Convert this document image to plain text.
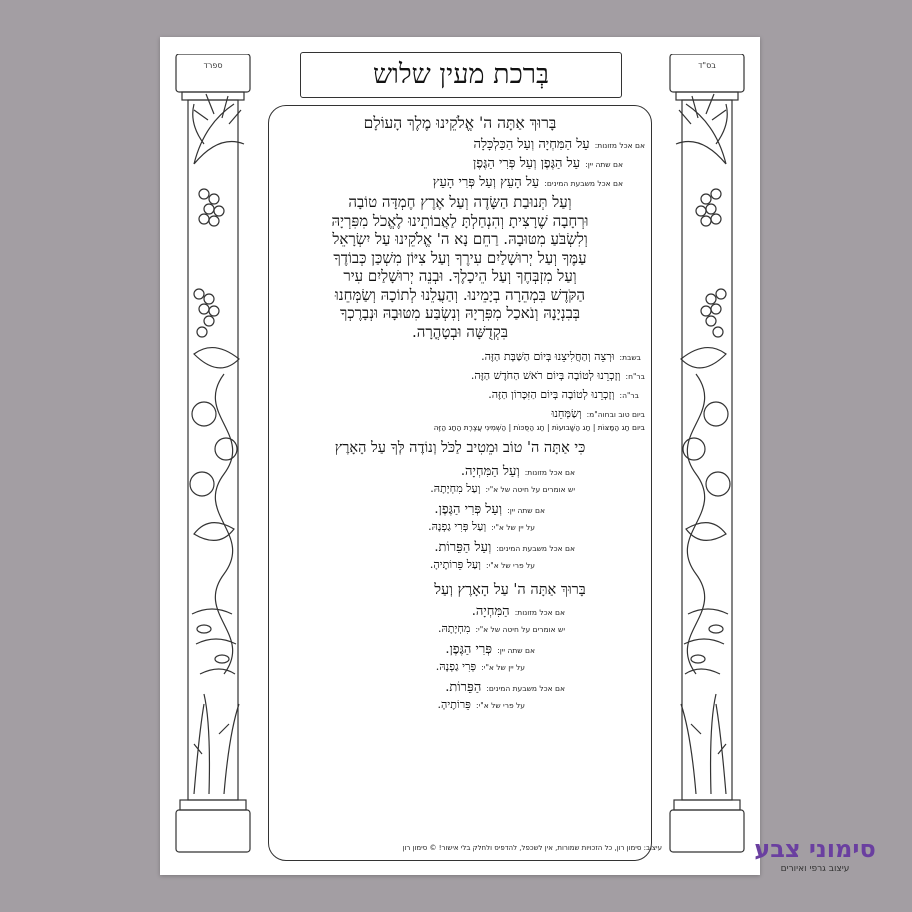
ספרד	בס"ד
בְּרכת מעין שלוש
בָּרוּךְ אַתָּה ה' אֱלֹקֵינוּ מֶלֶךְ הָעוֹלָם
אם אכל מזונות: עַל הַמִּחְיָה וְעַל הַכַּלְכָּלָה
אם שתה יין: עַל הַגֶּפֶן וְעַל פְּרִי הַגֶּפֶן
אם אכל משבעת המינים: עַל הָעֵץ וְעַל פְּרִי הָעֵץ
וְעַל תְּנוּבַת הַשָּׂדֶה וְעַל אֶרֶץ חֶמְדָּה טוֹבָה
וּרְחָבָה שֶׁרָצִיתָ וְהִנְחַלְתָּ לַאֲבוֹתֵינוּ לֶאֱכֹל מִפִּרְיָהּ
וְלִשְׂבֹּעַ מִטּוּבָהּ. רַחֵם נָא ה' אֱלֹקֵינוּ עַל יִשְׂרָאֵל
עַמֶּךָ וְעַל יְרוּשָׁלַיִם עִירֶךָ וְעַל צִיּוֹן מִשְׁכַּן כְּבוֹדֶךָ
וְעַל מִזְבְּחֶךָ וְעַל הֵיכָלֶךָ. וּבְנֵה יְרוּשָׁלַיִם עִיר
הַקֹּדֶשׁ בִּמְהֵרָה בְיָמֵינוּ. וְהַעֲלֵנוּ לְתוֹכָהּ וְשַׂמְּחֵנוּ
בְּבִנְיָנָהּ וְנֹאכַל מִפִּרְיָהּ וְנִשְׂבַּע מִטּוּבָהּ וּנְבָרֶכְךָ
בִּקְדֻשָּׁה וּבְטָהֳרָה.
בשבת: וּרְצֵה וְהַחֲלִיצֵנוּ בְּיוֹם הַשַּׁבָּת הַזֶּה.
בר"ח: וְזָכְרֵנוּ לְטוֹבָה בְּיוֹם רֹאשׁ הַחֹדֶשׁ הַזֶּה.
בר"ה: וְזָכְרֵנוּ לְטוֹבָה בְּיוֹם הַזִּכָּרוֹן הַזֶּה.
ביום טוב ובחוה"מ: וְשַׂמְּחֵנוּ
ביום חַג הַמַּצּוֹת | חַג הַשָּׁבוּעוֹת | חַג הַסֻּכּוֹת | הַשְּׁמִינִי עֲצֶרֶת הַחַג הַזֶּה
כִּי אַתָּה ה' טוֹב וּמֵטִיב לַכֹּל וְנוֹדֶה לְּךָ עַל הָאָרֶץ
אם אכל מזונות: וְעַל הַמִּחְיָה.
יש אומרים על חיטה של א"י: וְעַל מִחְיָתָהּ.
אם שתה יין: וְעַל פְּרִי הַגֶּפֶן.
על יין של א"י: וְעַל פְּרִי גַפְנָהּ.
אם אכל משבעת המינים: וְעַל הַפֵּרוֹת.
על פרי של א"י: וְעַל פֵּרוֹתֶיהָ.
בָּרוּךְ אַתָּה ה' עַל הָאָרֶץ וְעַל
אם אכל מזונות: הַמִּחְיָה.
יש אומרים על חיטה של א"י: מִחְיָתָהּ.
אם שתה יין: פְּרִי הַגֶּפֶן.
על יין של א"י: פְּרִי גַפְנָהּ.
אם אכל משבעת המינים: הַפֵּרוֹת.
על פרי של א"י: פֵּרוֹתֶיהָ.
עיצוב: סימון רון, כל הזכויות שמורות, אין לשכפל, להדפיס ולחלק בלי אישור! © סימון רון	סימוני צבע
עיצוב גרפי ואיורים
